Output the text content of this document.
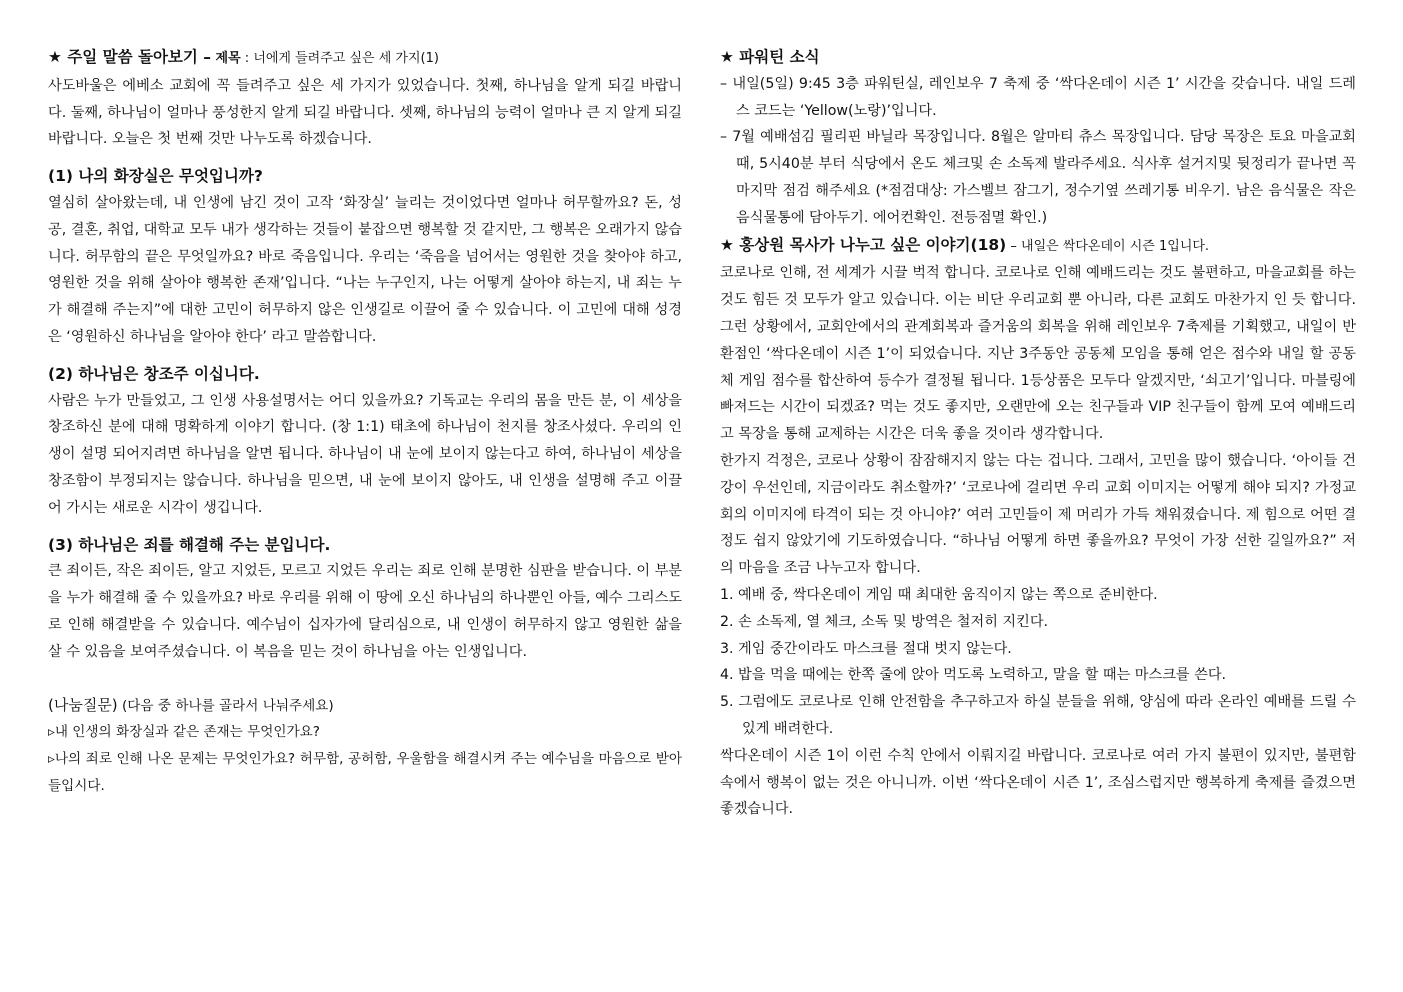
★ 주일 말씀 돌아보기 – 제목 : 너에게 들려주고 싶은 세 가지(1)

사도바울은 에베소 교회에 꼭 들려주고 싶은 세 가지가 있었습니다. 첫째, 하나님을 알게 되길 바랍니다. 둘째, 하나님이 얼마나 풍성한지 알게 되길 바랍니다. 셋째, 하나님의 능력이 얼마나 큰 지 알게 되길 바랍니다. 오늘은 첫 번째 것만 나누도록 하겠습니다.

(1) 나의 화장실은 무엇입니까?

열심히 살아왔는데, 내 인생에 남긴 것이 고작 ‘화장실’ 늘리는 것이었다면 얼마나 허무할까요? 돈, 성공, 결혼, 취업, 대학교 모두 내가 생각하는 것들이 붙잡으면 행복할 것 같지만, 그 행복은 오래가지 않습니다. 허무함의 끝은 무엇일까요? 바로 죽음입니다. 우리는 ‘죽음을 넘어서는 영원한 것을 찾아야 하고, 영원한 것을 위해 살아야 행복한 존재’입니다. “나는 누구인지, 나는 어떻게 살아야 하는지, 내 죄는 누가 해결해 주는지”에 대한 고민이 허무하지 않은 인생길로 이끌어 줄 수 있습니다. 이 고민에 대해 성경은 ‘영원하신 하나님을 알아야 한다’ 라고 말씀합니다.

(2) 하나님은 창조주 이십니다.

사람은 누가 만들었고, 그 인생 사용설명서는 어디 있을까요? 기독교는 우리의 몸을 만든 분, 이 세상을 창조하신 분에 대해 명확하게 이야기 합니다. (창 1:1) 태초에 하나님이 천지를 창조사셨다. 우리의 인생이 설명 되어지려면 하나님을 알면 됩니다. 하나님이 내 눈에 보이지 않는다고 하여, 하나님이 세상을 창조함이 부정되지는 않습니다. 하나님을 믿으면, 내 눈에 보이지 않아도, 내 인생을 설명해 주고 이끌어 가시는 새로운 시각이 생깁니다.

(3) 하나님은 죄를 해결해 주는 분입니다.

큰 죄이든, 작은 죄이든, 알고 지었든, 모르고 지었든 우리는 죄로 인해 분명한 심판을 받습니다. 이 부분을 누가 해결해 줄 수 있을까요? 바로 우리를 위해 이 땅에 오신 하나님의 하나뿐인 아들, 예수 그리스도로 인해 해결받을 수 있습니다. 예수님이 십자가에 달리심으로, 내 인생이 허무하지 않고 영원한 삶을 살 수 있음을 보여주셨습니다. 이 복음을 믿는 것이 하나님을 아는 인생입니다.

(나눔질문) (다음 중 하나를 골라서 나눠주세요)

▹내 인생의 화장실과 같은 존재는 무엇인가요?

▹나의 죄로 인해 나온 문제는 무엇인가요? 허무함, 공허함, 우울함을 해결시켜 주는 예수님을 마음으로 받아들입시다.

★ 파워틴 소식

– 내일(5일) 9:45 3층 파워틴실, 레인보우 7 축제 중 ‘싹다온데이 시즌 1’ 시간을 갖습니다. 내일 드레스 코드는 ‘Yellow(노랑)’입니다.

– 7월 예배섬김 필리핀 바닐라 목장입니다. 8월은 알마티 츄스 목장입니다. 담당 목장은 토요 마을교회 때, 5시40분 부터 식당에서 온도 체크및 손 소독제 발라주세요. 식사후 설거지및 뒷정리가 끝나면 꼭 마지막 점검 해주세요 (*점검대상: 가스벨브 잠그기, 정수기옆 쓰레기통 비우기. 남은 음식물은 작은 음식물통에 담아두기. 에어컨확인. 전등점멸 확인.)

★ 홍상원 목사가 나누고 싶은 이야기(18) – 내일은 싹다온데이 시즌 1입니다.

코로나로 인해, 전 세계가 시끌 벅적 합니다. 코로나로 인해 예배드리는 것도 불편하고, 마을교회를 하는 것도 힘든 것 모두가 알고 있습니다. 이는 비단 우리교회 뿐 아니라, 다른 교회도 마찬가지 인 듯 합니다. 그런 상황에서, 교회안에서의 관계회복과 즐거움의 회복을 위해 레인보우 7축제를 기획했고, 내일이 반환점인 ‘싹다온데이 시즌 1’이 되었습니다. 지난 3주동안 공동체 모임을 통해 얻은 점수와 내일 할 공동체 게임 점수를 합산하여 등수가 결정될 됩니다. 1등상품은 모두다 알겠지만, ‘쇠고기’입니다. 마블링에 빠져드는 시간이 되겠죠? 먹는 것도 좋지만, 오랜만에 오는 친구들과 VIP 친구들이 함께 모여 예배드리고 목장을 통해 교제하는 시간은 더욱 좋을 것이라 생각합니다.

한가지 걱정은, 코로나 상황이 잠잠해지지 않는 다는 겁니다. 그래서, 고민을 많이 했습니다. ‘아이들 건강이 우선인데, 지금이라도 취소할까?’ ‘코로나에 걸리면 우리 교회 이미지는 어떻게 해야 되지? 가정교회의 이미지에 타격이 되는 것 아니야?’ 여러 고민들이 제 머리가 가득 채워졌습니다. 제 힘으로 어떤 결정도 쉽지 않았기에 기도하였습니다. “하나님 어떻게 하면 좋을까요? 무엇이 가장 선한 길일까요?” 저의 마음을 조금 나누고자 합니다.

1. 예배 중, 싹다온데이 게임 때 최대한 움직이지 않는 쪽으로 준비한다.

2. 손 소독제, 열 체크, 소독 및 방역은 철저히 지킨다.

3. 게임 중간이라도 마스크를 절대 벗지 않는다.

4. 밥을 먹을 때에는 한쪽 줄에 앉아 먹도록 노력하고, 말을 할 때는 마스크를 쓴다.

5. 그럼에도 코로나로 인해 안전함을 추구하고자 하실 분들을 위해, 양심에 따라 온라인 예배를 드릴 수 있게 배려한다.

싹다온데이 시즌 1이 이런 수칙 안에서 이뤄지길 바랍니다. 코로나로 여러 가지 불편이 있지만, 불편함 속에서 행복이 없는 것은 아니니까. 이번 ‘싹다온데이 시즌 1’, 조심스럽지만 행복하게 축제를 즐겼으면 좋겠습니다.
